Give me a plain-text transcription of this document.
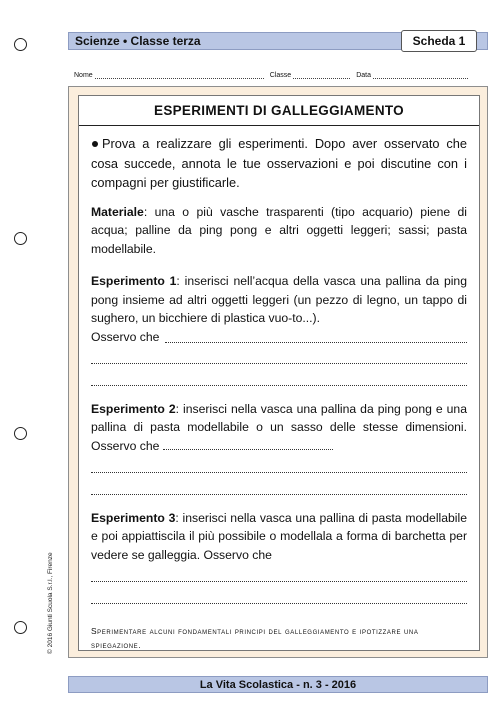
Scienze • Classe terza	Scheda 1
Nome	Classe	Data
ESPERIMENTI DI GALLEGGIAMENTO

Prova a realizzare gli esperimenti. Dopo aver osservato che cosa succede, annota le tue osservazioni e poi discutine con i compagni per giustificarle.

Materiale: una o più vasche trasparenti (tipo acquario) piene di acqua; palline da ping pong e altri oggetti leggeri; sassi; pasta modellabile.

Esperimento 1: inserisci nell’acqua della vasca una pallina da ping pong insieme ad altri oggetti leggeri (un pezzo di legno, un tappo di sughero, un bicchiere di plastica vuo-to...).

Osservo che

Esperimento 2: inserisci nella vasca una pallina da ping pong e una pallina di pasta modellabile o un sasso delle stesse dimensioni. Osservo che

Esperimento 3: inserisci nella vasca una pallina di pasta modellabile e poi appiattiscila il più possibile o modellala a forma di barchetta per vedere se galleggia. Osservo che

Sperimentare alcuni fondamentali principi del galleggiamento e ipotizzare una spiegazione.

La Vita Scolastica - n. 3 - 2016
© 2016 Giunti Scuola S.r.l., Firenze
